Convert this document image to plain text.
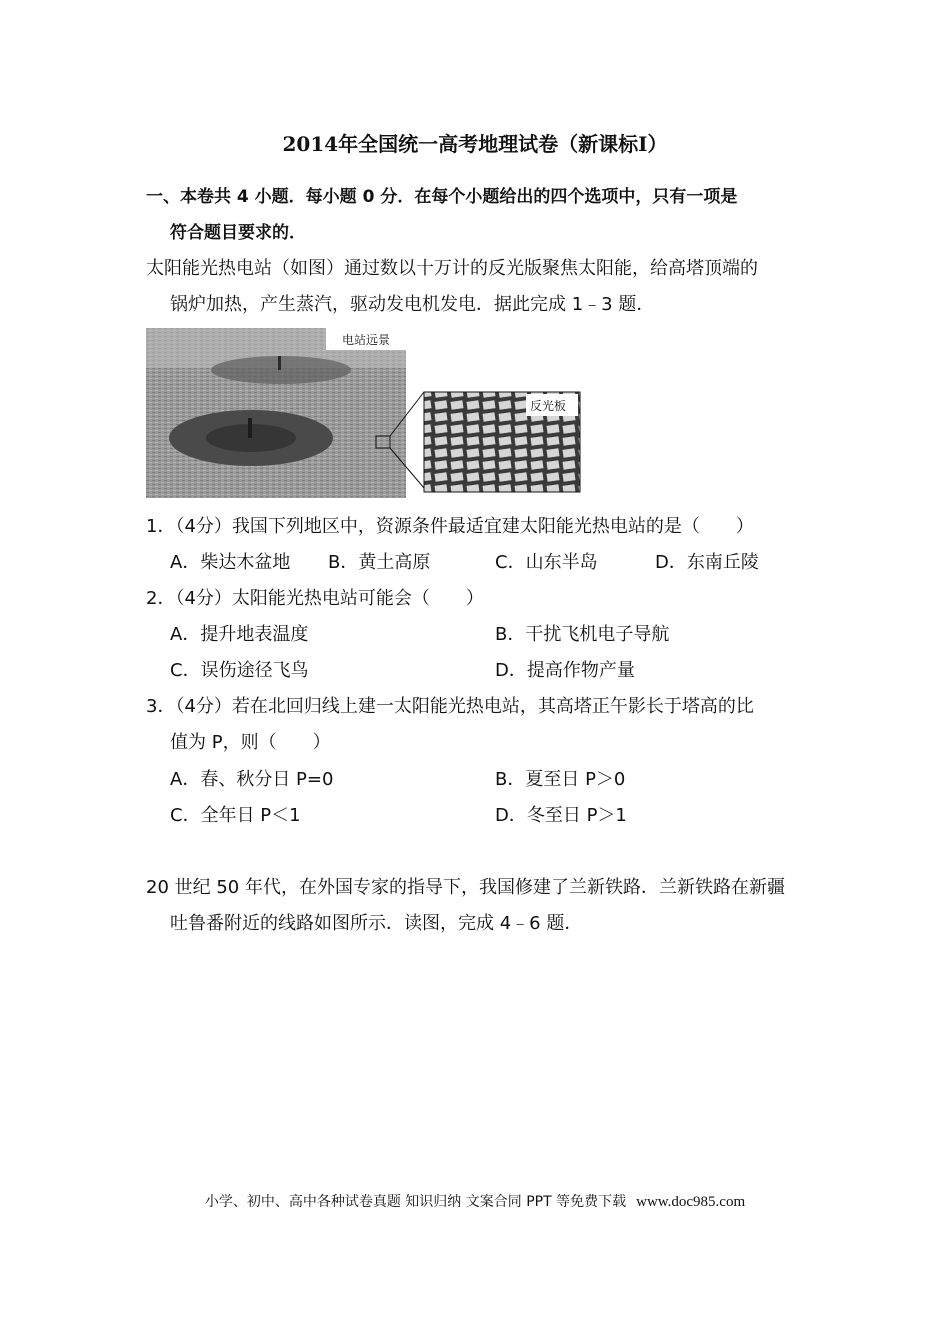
2014年全国统一高考地理试卷（新课标I）
一、本卷共 4 小题．每小题 0 分．在每个小题给出的四个选项中，只有一项是
符合题目要求的．
太阳能光热电站（如图）通过数以十万计的反光版聚焦太阳能，给高塔顶端的
锅炉加热，产生蒸汽，驱动发电机发电．据此完成 1﹣3 题．
电站远景
反光板
1．（4分）我国下列地区中，资源条件最适宜建太阳能光热电站的是（　　）
A．柴达木盆地 B．黄土高原	C．山东半岛	D．东南丘陵
2．（4分）太阳能光热电站可能会（　　）
A．提升地表温度	B．干扰飞机电子导航
C．误伤途径飞鸟	D．提高作物产量
3．（4分）若在北回归线上建一太阳能光热电站，其高塔正午影长于塔高的比
值为 P，则（　　）
A．春、秋分日 P=0	B．夏至日 P＞0
C．全年日 P＜1	D．冬至日 P＞1
20 世纪 50 年代，在外国专家的指导下，我国修建了兰新铁路．兰新铁路在新疆
吐鲁番附近的线路如图所示．读图，完成 4﹣6 题．
小学、初中、高中各种试卷真题 知识归纳 文案合同 PPT 等免费下载 www.doc985.com
